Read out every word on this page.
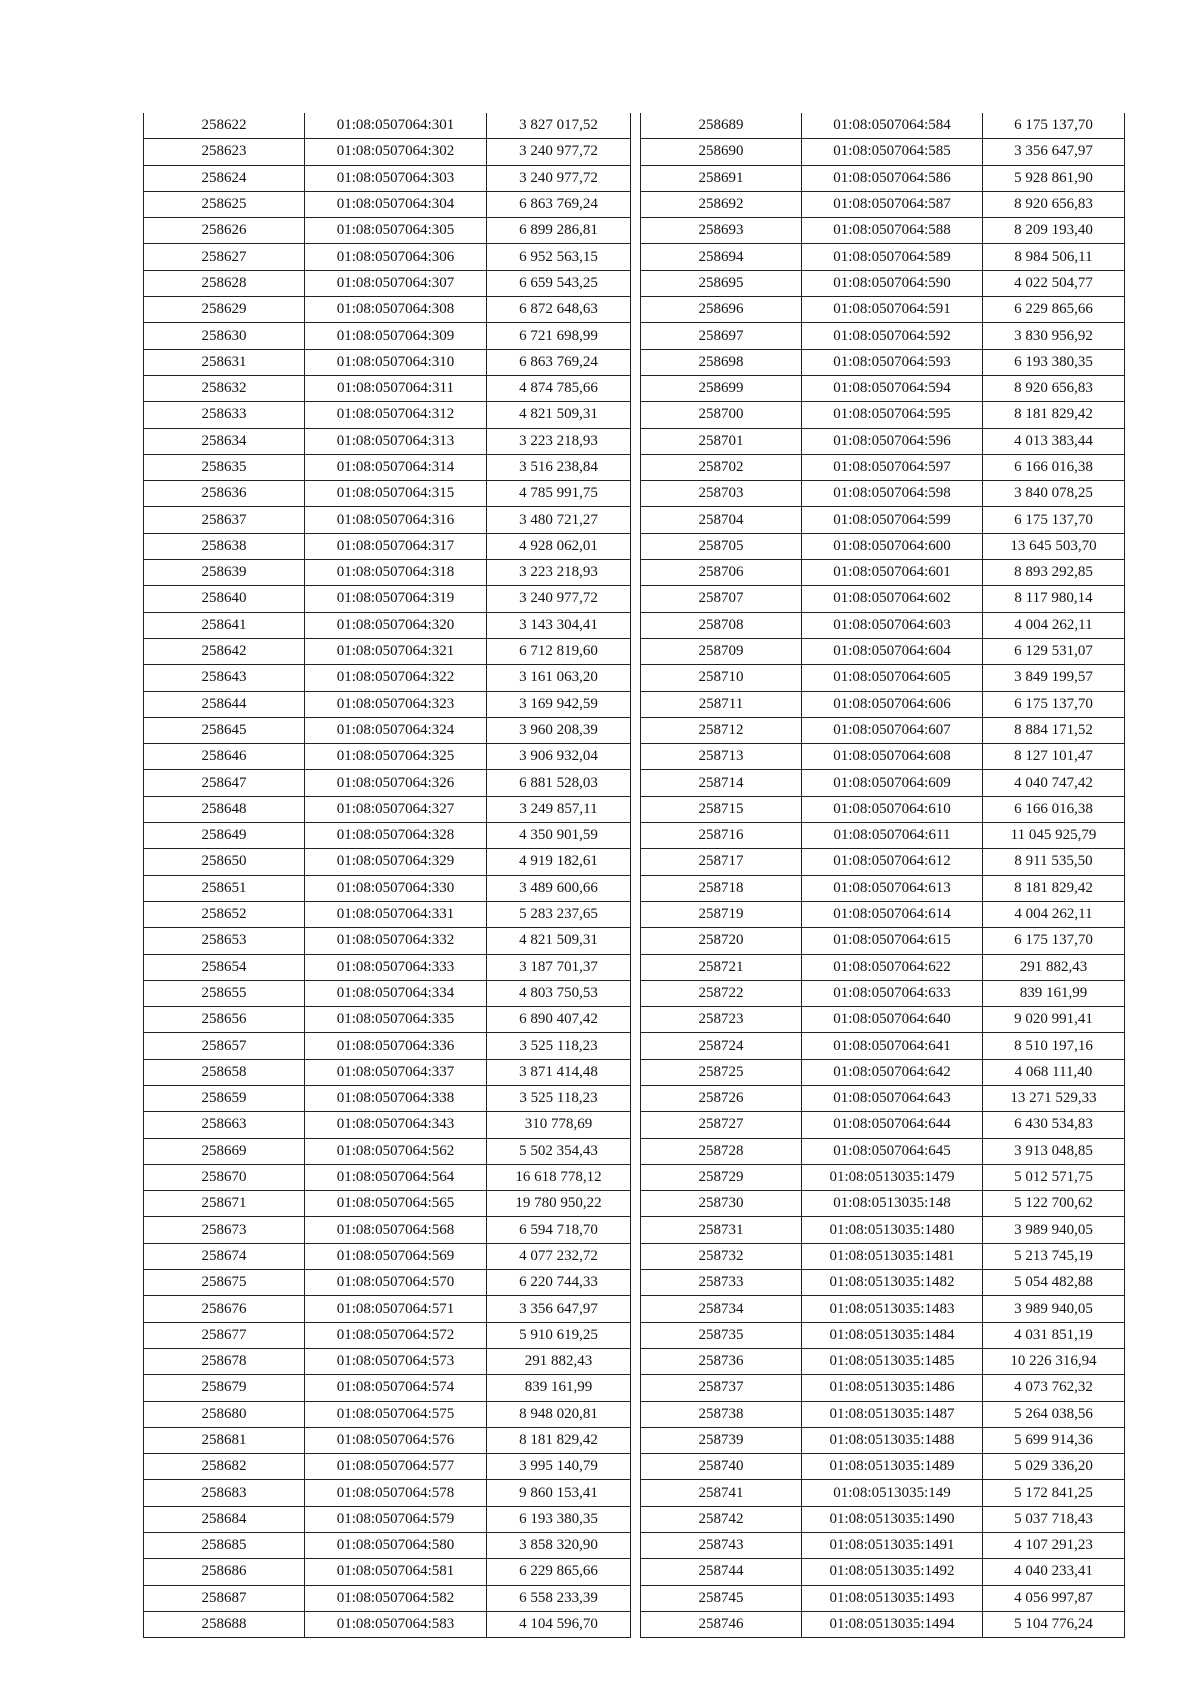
258622	01:08:0507064:301	3 827 017,52
258623	01:08:0507064:302	3 240 977,72
258624	01:08:0507064:303	3 240 977,72
258625	01:08:0507064:304	6 863 769,24
258626	01:08:0507064:305	6 899 286,81
258627	01:08:0507064:306	6 952 563,15
258628	01:08:0507064:307	6 659 543,25
258629	01:08:0507064:308	6 872 648,63
258630	01:08:0507064:309	6 721 698,99
258631	01:08:0507064:310	6 863 769,24
258632	01:08:0507064:311	4 874 785,66
258633	01:08:0507064:312	4 821 509,31
258634	01:08:0507064:313	3 223 218,93
258635	01:08:0507064:314	3 516 238,84
258636	01:08:0507064:315	4 785 991,75
258637	01:08:0507064:316	3 480 721,27
258638	01:08:0507064:317	4 928 062,01
258639	01:08:0507064:318	3 223 218,93
258640	01:08:0507064:319	3 240 977,72
258641	01:08:0507064:320	3 143 304,41
258642	01:08:0507064:321	6 712 819,60
258643	01:08:0507064:322	3 161 063,20
258644	01:08:0507064:323	3 169 942,59
258645	01:08:0507064:324	3 960 208,39
258646	01:08:0507064:325	3 906 932,04
258647	01:08:0507064:326	6 881 528,03
258648	01:08:0507064:327	3 249 857,11
258649	01:08:0507064:328	4 350 901,59
258650	01:08:0507064:329	4 919 182,61
258651	01:08:0507064:330	3 489 600,66
258652	01:08:0507064:331	5 283 237,65
258653	01:08:0507064:332	4 821 509,31
258654	01:08:0507064:333	3 187 701,37
258655	01:08:0507064:334	4 803 750,53
258656	01:08:0507064:335	6 890 407,42
258657	01:08:0507064:336	3 525 118,23
258658	01:08:0507064:337	3 871 414,48
258659	01:08:0507064:338	3 525 118,23
258663	01:08:0507064:343	310 778,69
258669	01:08:0507064:562	5 502 354,43
258670	01:08:0507064:564	16 618 778,12
258671	01:08:0507064:565	19 780 950,22
258673	01:08:0507064:568	6 594 718,70
258674	01:08:0507064:569	4 077 232,72
258675	01:08:0507064:570	6 220 744,33
258676	01:08:0507064:571	3 356 647,97
258677	01:08:0507064:572	5 910 619,25
258678	01:08:0507064:573	291 882,43
258679	01:08:0507064:574	839 161,99
258680	01:08:0507064:575	8 948 020,81
258681	01:08:0507064:576	8 181 829,42
258682	01:08:0507064:577	3 995 140,79
258683	01:08:0507064:578	9 860 153,41
258684	01:08:0507064:579	6 193 380,35
258685	01:08:0507064:580	3 858 320,90
258686	01:08:0507064:581	6 229 865,66
258687	01:08:0507064:582	6 558 233,39
258688	01:08:0507064:583	4 104 596,70
258689	01:08:0507064:584	6 175 137,70
258690	01:08:0507064:585	3 356 647,97
258691	01:08:0507064:586	5 928 861,90
258692	01:08:0507064:587	8 920 656,83
258693	01:08:0507064:588	8 209 193,40
258694	01:08:0507064:589	8 984 506,11
258695	01:08:0507064:590	4 022 504,77
258696	01:08:0507064:591	6 229 865,66
258697	01:08:0507064:592	3 830 956,92
258698	01:08:0507064:593	6 193 380,35
258699	01:08:0507064:594	8 920 656,83
258700	01:08:0507064:595	8 181 829,42
258701	01:08:0507064:596	4 013 383,44
258702	01:08:0507064:597	6 166 016,38
258703	01:08:0507064:598	3 840 078,25
258704	01:08:0507064:599	6 175 137,70
258705	01:08:0507064:600	13 645 503,70
258706	01:08:0507064:601	8 893 292,85
258707	01:08:0507064:602	8 117 980,14
258708	01:08:0507064:603	4 004 262,11
258709	01:08:0507064:604	6 129 531,07
258710	01:08:0507064:605	3 849 199,57
258711	01:08:0507064:606	6 175 137,70
258712	01:08:0507064:607	8 884 171,52
258713	01:08:0507064:608	8 127 101,47
258714	01:08:0507064:609	4 040 747,42
258715	01:08:0507064:610	6 166 016,38
258716	01:08:0507064:611	11 045 925,79
258717	01:08:0507064:612	8 911 535,50
258718	01:08:0507064:613	8 181 829,42
258719	01:08:0507064:614	4 004 262,11
258720	01:08:0507064:615	6 175 137,70
258721	01:08:0507064:622	291 882,43
258722	01:08:0507064:633	839 161,99
258723	01:08:0507064:640	9 020 991,41
258724	01:08:0507064:641	8 510 197,16
258725	01:08:0507064:642	4 068 111,40
258726	01:08:0507064:643	13 271 529,33
258727	01:08:0507064:644	6 430 534,83
258728	01:08:0507064:645	3 913 048,85
258729	01:08:0513035:1479	5 012 571,75
258730	01:08:0513035:148	5 122 700,62
258731	01:08:0513035:1480	3 989 940,05
258732	01:08:0513035:1481	5 213 745,19
258733	01:08:0513035:1482	5 054 482,88
258734	01:08:0513035:1483	3 989 940,05
258735	01:08:0513035:1484	4 031 851,19
258736	01:08:0513035:1485	10 226 316,94
258737	01:08:0513035:1486	4 073 762,32
258738	01:08:0513035:1487	5 264 038,56
258739	01:08:0513035:1488	5 699 914,36
258740	01:08:0513035:1489	5 029 336,20
258741	01:08:0513035:149	5 172 841,25
258742	01:08:0513035:1490	5 037 718,43
258743	01:08:0513035:1491	4 107 291,23
258744	01:08:0513035:1492	4 040 233,41
258745	01:08:0513035:1493	4 056 997,87
258746	01:08:0513035:1494	5 104 776,24
